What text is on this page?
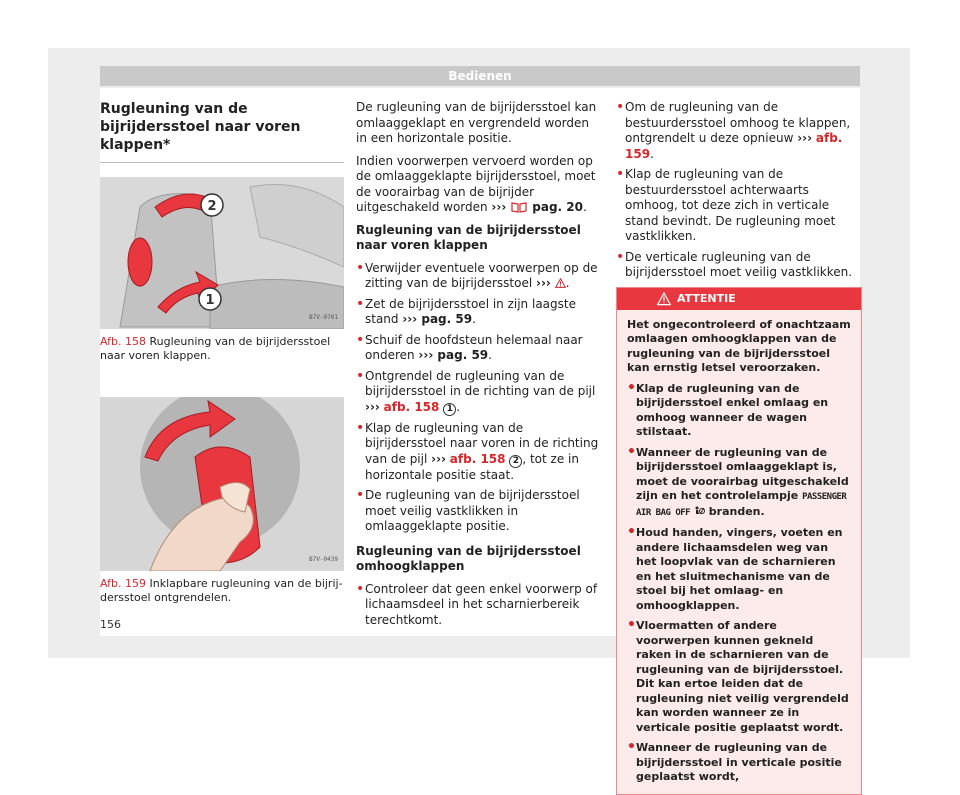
Bedienen
Rugleuning van de bijrijdersstoel naar voren klappen*
1
2
B7V-0701
Afb. 158 Rugleuning van de bijrijdersstoel naar voren klappen.
B7V-0439
Afb. 159 Inklapbare rugleuning van de bijrijdersstoel ontgrendelen.

De rugleuning van de bijrijdersstoel kan omlaaggeklapt en vergrendeld worden in een horizontale positie.

Indien voorwerpen vervoerd worden op de omlaaggeklapte bijrijdersstoel, moet de voorairbag van de bijrijder uitgeschakeld worden ›››  pag. 20.

Rugleuning van de bijrijdersstoel naar voren klappen

• Verwijder eventuele voorwerpen op de zitting van de bijrijdersstoel ››› .

• Zet de bijrijdersstoel in zijn laagste stand ››› pag. 59.

• Schuif de hoofdsteun helemaal naar onderen ››› pag. 59.

• Ontgrendel de rugleuning van de bijrijdersstoel in de richting van de pijl ››› afb. 158 1 .

• Klap de rugleuning van de bijrijdersstoel naar voren in de richting van de pijl ››› afb. 158 2 , tot ze in horizontale positie staat.

• De rugleuning van de bijrijdersstoel moet veilig vastklikken in omlaaggeklapte positie.

Rugleuning van de bijrijdersstoel omhoogklappen

• Controleer dat geen enkel voorwerp of lichaamsdeel in het scharnierbereik terechtkomt.

• Om de rugleuning van de bestuurdersstoel omhoog te klappen, ontgrendelt u deze opnieuw ››› afb. 159.

• Klap de rugleuning van de bestuurdersstoel achterwaarts omhoog, tot deze zich in verticale stand bevindt. De rugleuning moet vastklikken.

• De verticale rugleuning van de bijrijdersstoel moet veilig vastklikken.

ATTENTIE

Het ongecontroleerd of onachtzaam omlaagen omhoogklappen van de rugleuning van de bijrijdersstoel kan ernstig letsel veroorzaken.

• Klap de rugleuning van de bijrijdersstoel enkel omlaag en omhoog wanneer de wagen stilstaat.

• Wanneer de rugleuning van de bijrijdersstoel omlaaggeklapt is, moet de voorairbag uitgeschakeld zijn en het controlelampje PASSENGER AIR BAG OFF  branden.

• Houd handen, vingers, voeten en andere lichaamsdelen weg van het loopvlak van de scharnieren en het sluitmechanisme van de stoel bij het omlaag- en omhoogklappen.

• Vloermatten of andere voorwerpen kunnen gekneld raken in de scharnieren van de rugleuning van de bijrijdersstoel. Dit kan ertoe leiden dat de rugleuning niet veilig vergrendeld kan worden wanneer ze in verticale positie geplaatst wordt.

• Wanneer de rugleuning van de bijrijdersstoel in verticale positie geplaatst wordt,

156
